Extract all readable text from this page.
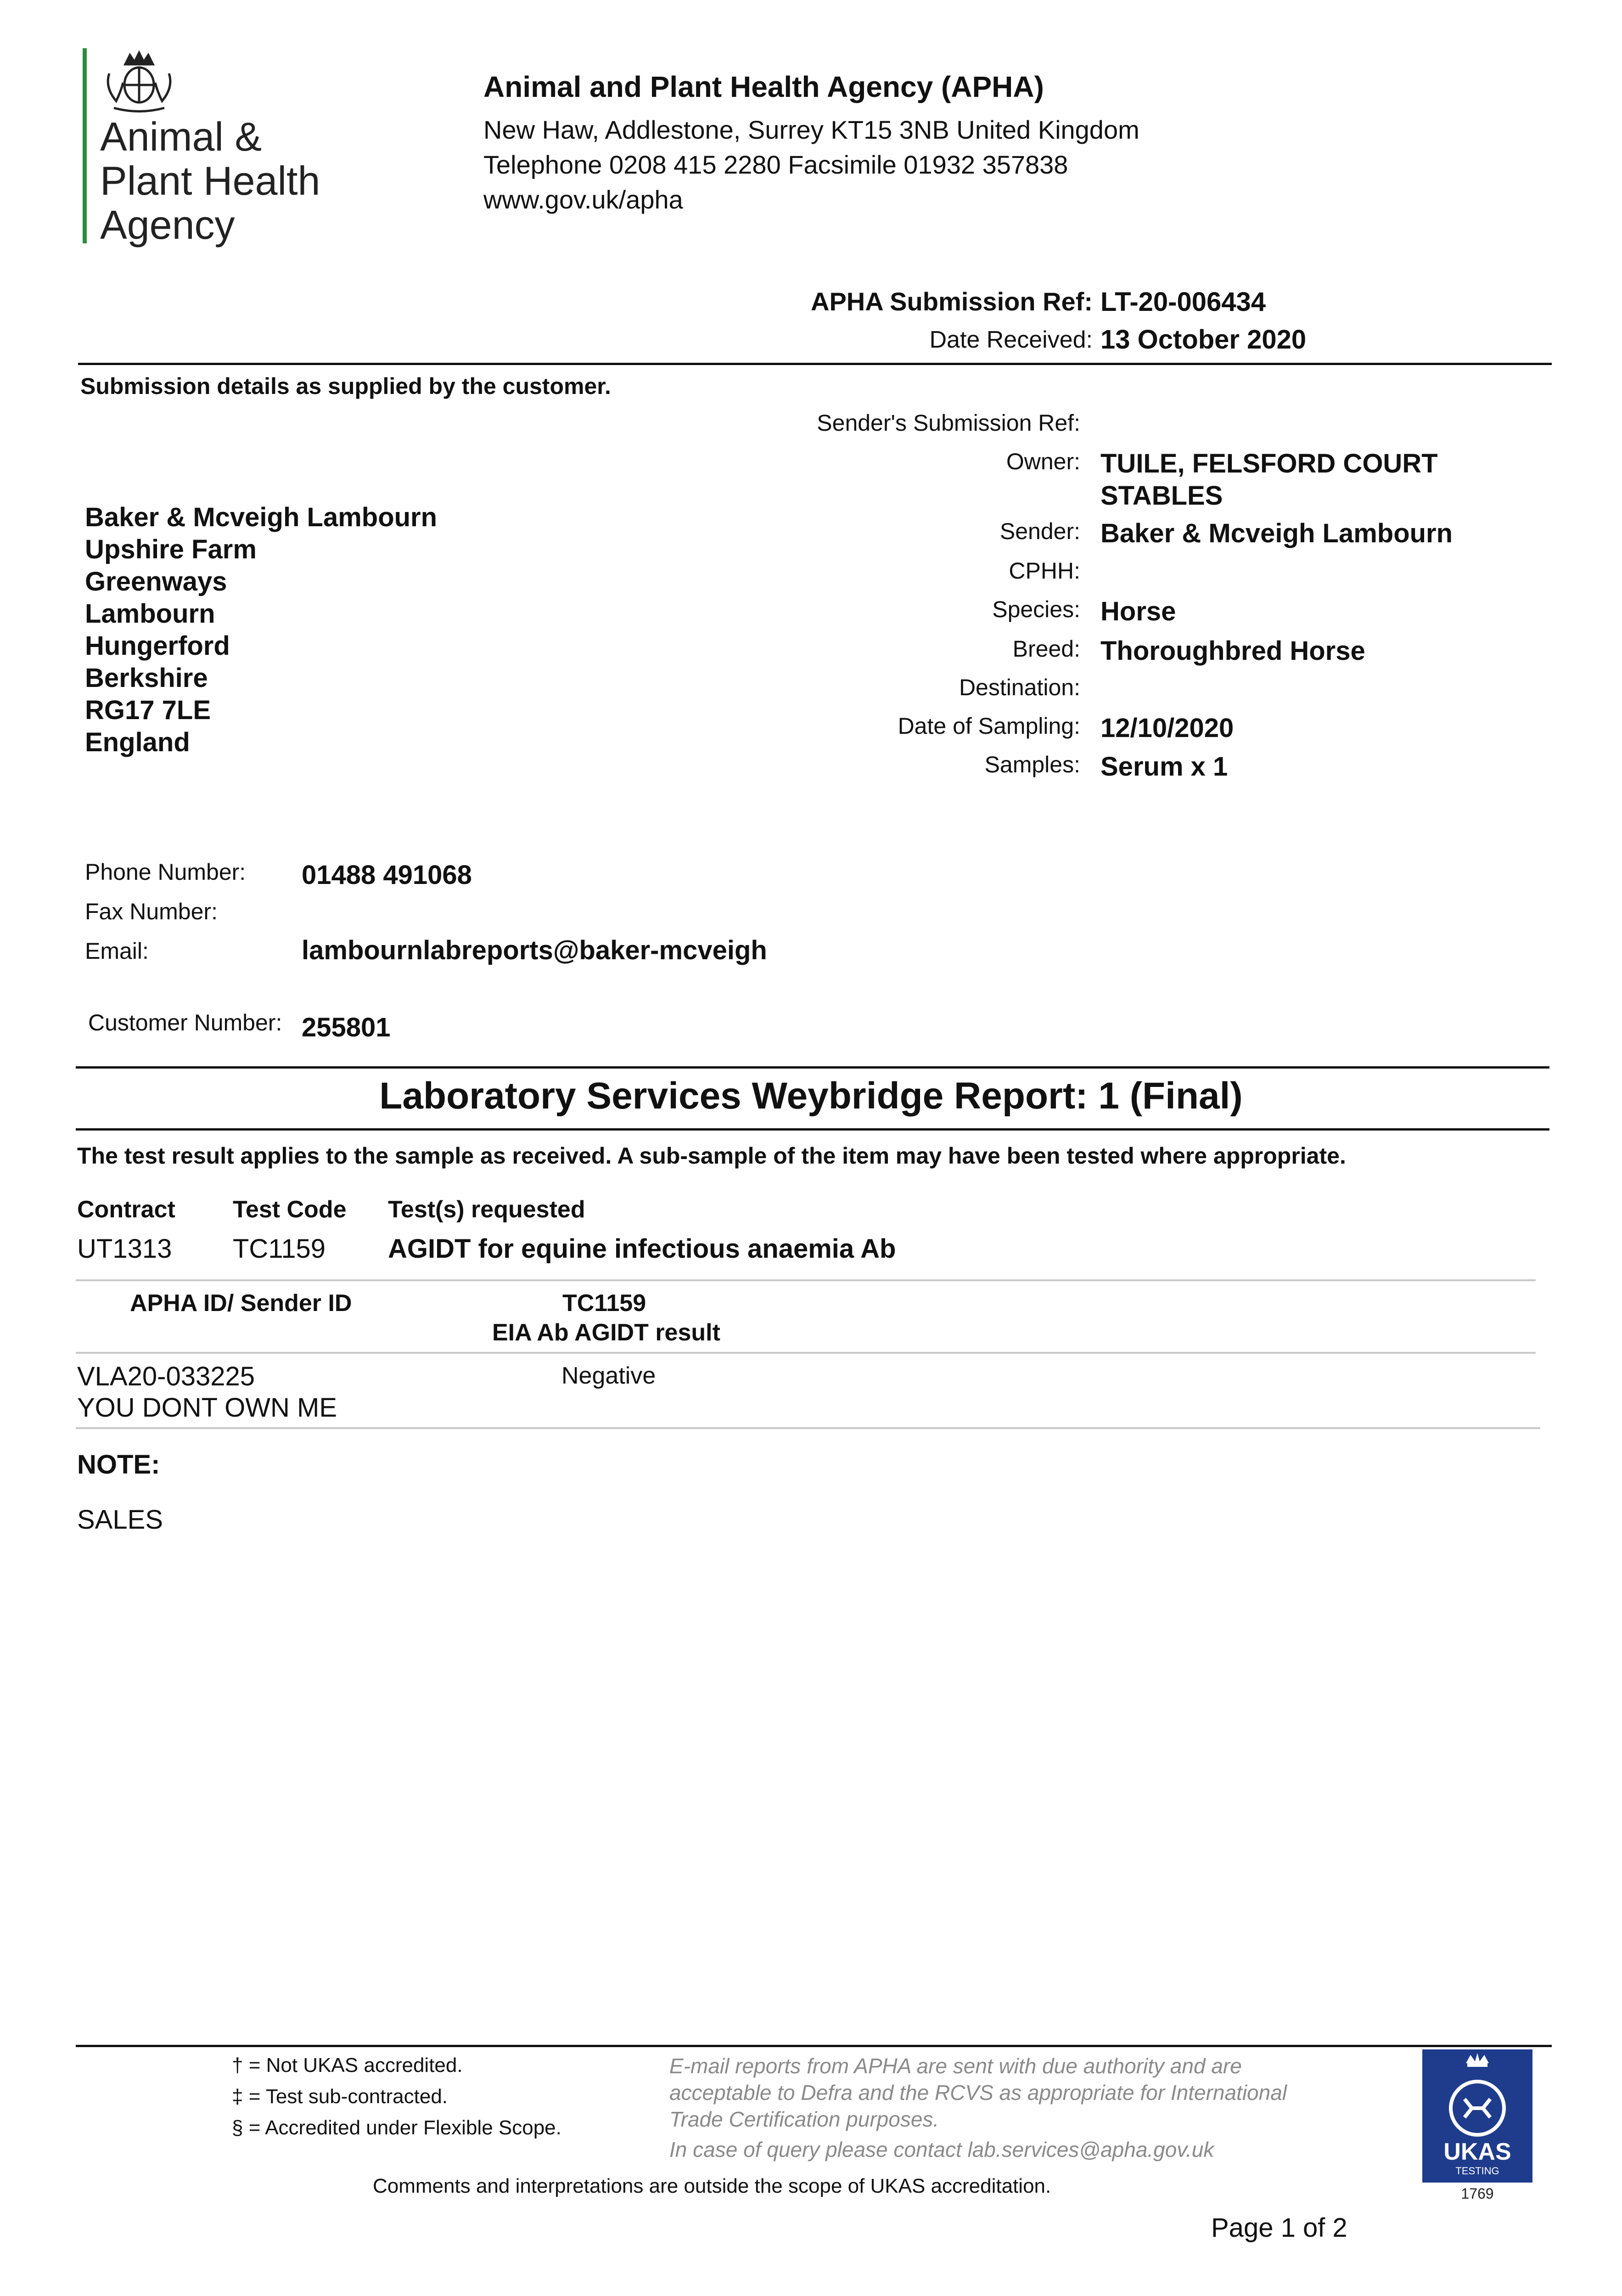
Animal &
Plant Health
Agency
Animal and Plant Health Agency (APHA)
New Haw, Addlestone, Surrey KT15 3NB United Kingdom
Telephone 0208 415 2280 Facsimile 01932 357838
www.gov.uk/apha
APHA Submission Ref: LT-20-006434
Date Received: 13 October 2020
Submission details as supplied by the customer.
Sender's Submission Ref:
Owner: TUILE, FELSFORD COURT
STABLES
Sender: Baker & Mcveigh Lambourn
CPHH:
Species: Horse
Breed: Thoroughbred Horse
Destination:
Date of Sampling: 12/10/2020
Samples: Serum x 1
Baker & Mcveigh Lambourn
Upshire Farm
Greenways
Lambourn
Hungerford
Berkshire
RG17 7LE
England
Phone Number: 01488 491068
Fax Number:
Email:	lambournlabreports@baker-mcveigh
Customer Number: 255801
Laboratory Services Weybridge Report: 1 (Final)
The test result applies to the sample as received. A sub-sample of the item may have been tested where appropriate.
Contract Test Code Test(s) requested
UT1313 TC1159 AGIDT for equine infectious anaemia Ab
APHA ID/ Sender ID	TC1159
EIA Ab AGIDT result
VLA20-033225
YOU DONT OWN ME
Negative
NOTE:
SALES
† = Not UKAS accredited.
‡ = Test sub-contracted.
§ = Accredited under Flexible Scope.
E-mail reports from APHA are sent with due authority and are
acceptable to Defra and the RCVS as appropriate for International
Trade Certification purposes.
In case of query please contact lab.services@apha.gov.uk
Comments and interpretations are outside the scope of UKAS accreditation.
Page 1 of 2
UKAS
TESTING
1769
